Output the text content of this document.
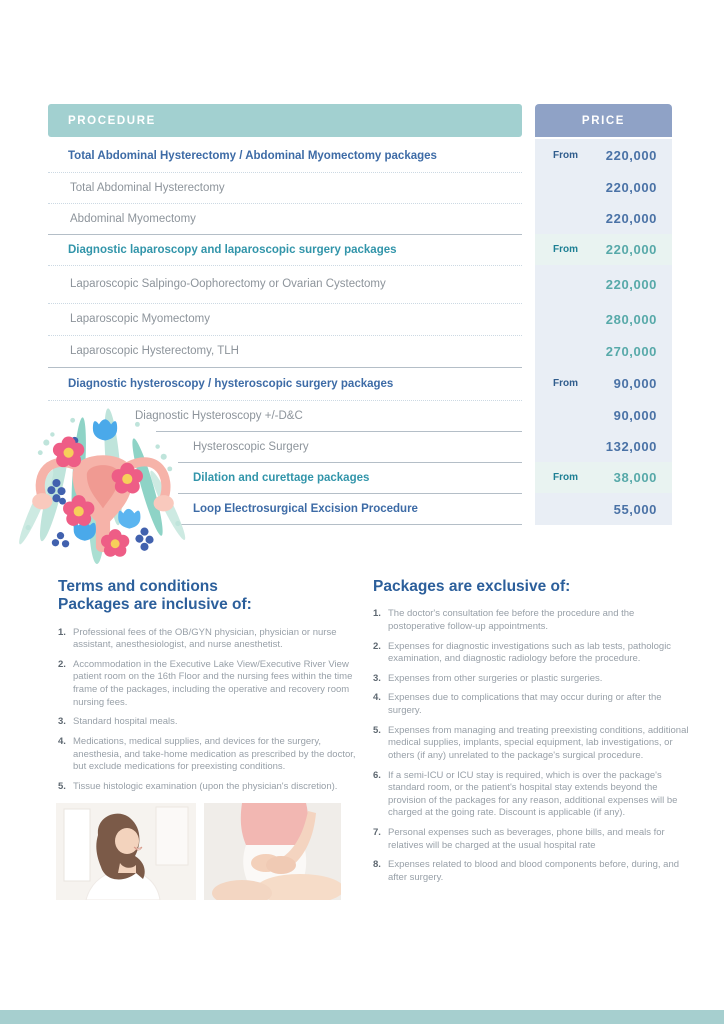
PROCEDURE	PRICE
Total Abdominal Hysterectomy / Abdominal Myomectomy packages	From 220,000
Total Abdominal Hysterectomy	220,000
Abdominal Myomectomy	220,000
Diagnostic laparoscopy and laparoscopic surgery packages	From 220,000
Laparoscopic Salpingo-Oophorectomy or Ovarian Cystectomy	220,000
Laparoscopic Myomectomy	280,000
Laparoscopic Hysterectomy, TLH	270,000
Diagnostic hysteroscopy / hysteroscopic surgery packages	From	90,000
Diagnostic Hysteroscopy +/-D&C	90,000
Hysteroscopic Surgery	132,000
Dilation and curettage packages	From	38,000
Loop Electrosurgical Excision Procedure	55,000
Terms and conditions
Packages are inclusive of:
1. Professional fees of the OB/GYN physician, physician or nurse assistant, anesthesiologist, and nurse anesthetist.
2. Accommodation in the Executive Lake View/Executive River View patient room on the 16th Floor and the nursing fees within the time frame of the packages, including the operative and recovery room nursing fees.
3. Standard hospital meals.
4. Medications, medical supplies, and devices for the surgery, anesthesia, and take-home medication as prescribed by the doctor, but exclude medications for preexisting conditions.
5. Tissue histologic examination (upon the physician's discretion).
Packages are exclusive of:
1. The doctor's consultation fee before the procedure and the postoperative follow-up appointments.
2. Expenses for diagnostic investigations such as lab tests, pathologic examination, and diagnostic radiology before the procedure.
3. Expenses from other surgeries or plastic surgeries.
4. Expenses due to complications that may occur during or after the surgery.
5. Expenses from managing and treating preexisting conditions, additional medical supplies, implants, special equipment, lab investigations, or others (if any) unrelated to the package's surgical procedure.
6. If a semi-ICU or ICU stay is required, which is over the package's standard room, or the patient's hospital stay extends beyond the provision of the packages for any reason, additional expenses will be charged at the going rate. Discount is applicable (if any).
7. Personal expenses such as beverages, phone bills, and meals for relatives will be charged at the usual hospital rate
8. Expenses related to blood and blood components before, during, and after surgery.
